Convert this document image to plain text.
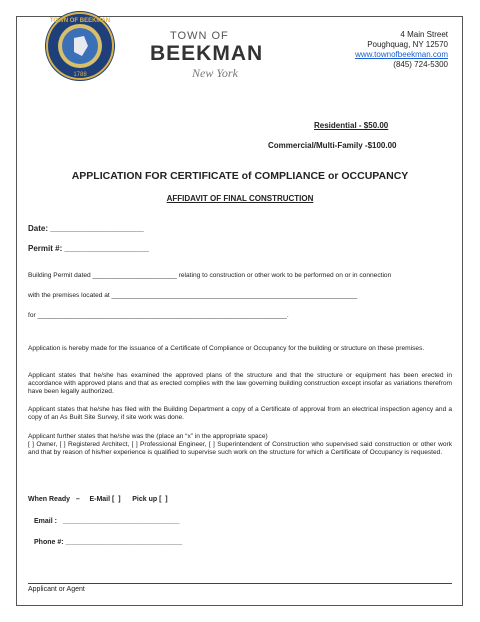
TOWN OF BEEKMAN
1788
TOWN OF
BEEKMAN
New York
4 Main Street
Poughquag, NY 12570
www.townofbeekman.com
(845) 724-5300
Residential - $50.00
Commercial/Multi-Family -$100.00
APPLICATION FOR CERTIFICATE of COMPLIANCE or OCCUPANCY
AFFIDAVIT OF FINAL CONSTRUCTION
Date: _____________________
Permit #: ___________________
Building Permit dated _______________________ relating to construction or other work to be performed on or in connection
with the premises located at ___________________________________________________________________
for ____________________________________________________________________.
Application is hereby made for the issuance of a Certificate of Compliance or Occupancy for the building or structure on these premises.
Applicant states that he/she has examined the approved plans of the structure and that the structure or equipment has been erected in accordance with approved plans and that as erected complies with the law governing building construction except insofar as variations therefrom have been legally authorized.
Applicant states that he/she has filed with the Building Department a copy of a Certificate of approval from an electrical inspection agency and a copy of an As Built Site Survey, if site work was done.
Applicant further states that he/she was the (place an “x” in the appropriate space)
[ ] Owner, [ ] Registered Architect, [ ] Professional Engineer, [ ] Superintendent of Construction who supervised said construction or other work and that by reason of his/her experience is qualified to supervise such work on the structure for which a Certificate of Occupancy is requested.
When Ready   –     E-Mail [  ]      Pick up [  ]
Email :   ______________________________
Phone #: ______________________________
Applicant or Agent
